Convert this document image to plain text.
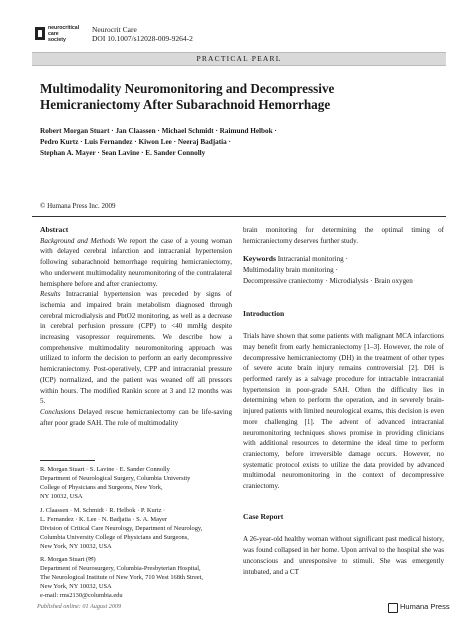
neurocritical
care
society
Neurocrit Care
DOI 10.1007/s12028-009-9264-2
PRACTICAL PEARL
Multimodality Neuromonitoring and Decompressive
Hemicraniectomy After Subarachnoid Hemorrhage
Robert Morgan Stuart · Jan Claassen · Michael Schmidt · Raimund Helbok ·
Pedro Kurtz · Luis Fernandez · Kiwon Lee · Neeraj Badjatia ·
Stephan A. Mayer · Sean Lavine · E. Sander Connolly
© Humana Press Inc. 2009
Abstract

Background and Methods We report the case of a young woman with delayed cerebral infarction and intracranial hypertension following subarachnoid hemorrhage requiring hemicraniectomy, who underwent multimodality neuromonitoring of the contralateral hemisphere before and after craniectomy.

Results Intracranial hypertension was preceded by signs of ischemia and impaired brain metabolism diagnosed through cerebral microdialysis and PbtO2 monitoring, as well as a decrease in cerebral perfusion pressure (CPP) to <40 mmHg despite increasing vasopressor requirements. We describe how a comprehensive multimodality neuromonitoring approach was utilized to inform the decision to perform an early decompressive hemicraniectomy. Post-operatively, CPP and intracranial pressure (ICP) normalized, and the patient was weaned off all pressors within hours. The modified Rankin score at 3 and 12 months was 5.

Conclusions Delayed rescue hemicraniectomy can be life-saving after poor grade SAH. The role of multimodality

R. Morgan Stuart · S. Lavine · E. Sander Connolly
Department of Neurological Surgery, Columbia University
College of Physicians and Surgeons, New York,
NY 10032, USA
J. Claassen · M. Schmidt · R. Helbok · P. Kurtz ·
L. Fernandez · K. Lee · N. Badjatia · S. A. Mayer
Division of Critical Care Neurology, Department of Neurology,
Columbia University College of Physicians and Surgeons,
New York, NY 10032, USA
R. Morgan Stuart (✉)
Department of Neurosurgery, Columbia-Presbyterian Hospital,
The Neurological Institute of New York, 710 West 168th Street,
New York, NY 10032, USA
e-mail: rms2130@columbia.edu

brain monitoring for determining the optimal timing of hemicraniectomy deserves further study.

Keywords Intracranial monitoring ·
Multimodality brain monitoring ·
Decompressive craniectomy · Microdialysis · Brain oxygen

Introduction

Trials have shown that some patients with malignant MCA infarctions may benefit from early hemicraniectomy [1–3]. However, the role of decompressive hemicraniectomy (DH) in the treatment of other types of severe acute brain injury remains controversial [2]. DH is performed rarely as a salvage procedure for intractable intracranial hypertension in poor-grade SAH. Often the difficulty lies in determining when to perform the operation, and in severely brain-injured patients with limited neurological exams, this decision is even more challenging [1]. The advent of advanced intracranial neuromonitoring techniques shows promise in providing clinicians with additional resources to determine the ideal time to perform craniectomy, before irreversible damage occurs. However, no systematic protocol exists to utilize the data provided by advanced multimodal neuromonitoring in the context of decompressive craniectomy.

Case Report

A 26-year-old healthy woman without significant past medical history, was found collapsed in her home. Upon arrival to the hospital she was unconscious and unresponsive to stimuli. She was emergently intubated, and a CT

Published online: 01 August 2009	Humana Press
